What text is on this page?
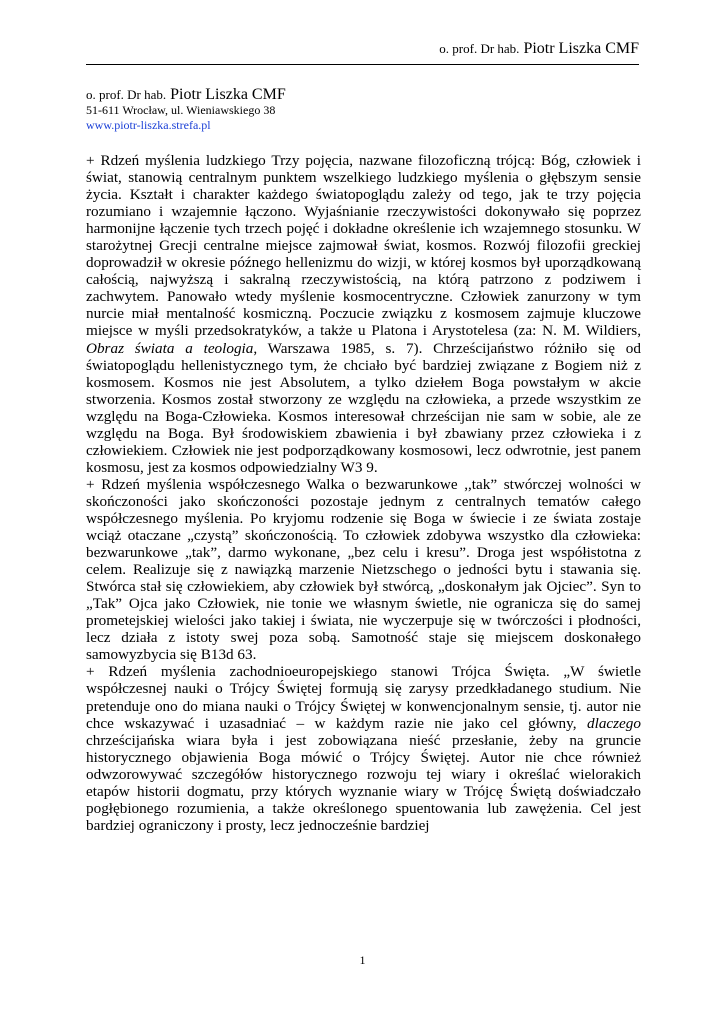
o. prof. Dr hab. Piotr Liszka CMF

o. prof. Dr hab. Piotr Liszka CMF

51-611 Wrocław, ul. Wieniawskiego 38

www.piotr-liszka.strefa.pl

+ Rdzeń myślenia ludzkiego Trzy pojęcia, nazwane filozoficzną trójcą: Bóg, człowiek i świat, stanowią centralnym punktem wszelkiego ludzkiego myślenia o głębszym sensie życia. Kształt i charakter każdego światopoglądu zależy od tego, jak te trzy pojęcia rozumiano i wzajemnie łączono. Wyjaśnianie rzeczywistości dokonywało się poprzez harmonijne łączenie tych trzech pojęć i dokładne określenie ich wzajemnego stosunku. W starożytnej Grecji centralne miejsce zajmował świat, kosmos. Rozwój filozofii greckiej doprowadził w okresie późnego hellenizmu do wizji, w której kosmos był uporządkowaną całością, najwyższą i sakralną rzeczywistością, na którą patrzono z podziwem i zachwytem. Panowało wtedy myślenie kosmocentryczne. Człowiek zanurzony w tym nurcie miał mentalność kosmiczną. Poczucie związku z kosmosem zajmuje kluczowe miejsce w myśli przedsokratyków, a także u Platona i Arystotelesa (za: N. M. Wildiers, Obraz świata a teologia, Warszawa 1985, s. 7). Chrześcijaństwo różniło się od światopoglądu hellenistycznego tym, że chciało być bardziej związane z Bogiem niż z kosmosem. Kosmos nie jest Absolutem, a tylko dziełem Boga powstałym w akcie stworzenia. Kosmos został stworzony ze względu na człowieka, a przede wszystkim ze względu na Boga-Człowieka. Kosmos interesował chrześcijan nie sam w sobie, ale ze względu na Boga. Był środowiskiem zbawienia i był zbawiany przez człowieka i z człowiekiem. Człowiek nie jest podporządkowany kosmosowi, lecz odwrotnie, jest panem kosmosu, jest za kosmos odpowiedzialny W3 9.

+ Rdzeń myślenia współczesnego Walka o bezwarunkowe ,,tak” stwórczej wolności w skończoności jako skończoności pozostaje jednym z centralnych tematów całego współczesnego myślenia. Po kryjomu rodzenie się Boga w świecie i ze świata zostaje wciąż otaczane „czystą” skończonością. To człowiek zdobywa wszystko dla człowieka: bezwarunkowe „tak”, darmo wykonane, „bez celu i kresu”. Droga jest współistotna z celem. Realizuje się z nawiązką marzenie Nietzschego o jedności bytu i stawania się. Stwórca stał się człowiekiem, aby człowiek był stwórcą, „doskonałym jak Ojciec”. Syn to „Tak” Ojca jako Człowiek, nie tonie we własnym świetle, nie ogranicza się do samej prometejskiej wielości jako takiej i świata, nie wyczerpuje się w twórczości i płodności, lecz działa z istoty swej poza sobą. Samotność staje się miejscem doskonałego samowyzbycia się B13d 63.

+ Rdzeń myślenia zachodnioeuropejskiego stanowi Trójca Święta. „W świetle współczesnej nauki o Trójcy Świętej formują się zarysy przedkładanego studium. Nie pretenduje ono do miana nauki o Trójcy Świętej w konwencjonalnym sensie, tj. autor nie chce wskazywać i uzasadniać – w każdym razie nie jako cel główny, dlaczego chrześcijańska wiara była i jest zobowiązana nieść przesłanie, żeby na gruncie historycznego objawienia Boga mówić o Trójcy Świętej. Autor nie chce również odwzorowywać szczegółów historycznego rozwoju tej wiary i określać wielorakich etapów historii dogmatu, przy których wyznanie wiary w Trójcę Świętą doświadczało pogłębionego rozumienia, a także określonego spuentowania lub zawężenia. Cel jest bardziej ograniczony i prosty, lecz jednocześnie bardziej

1
